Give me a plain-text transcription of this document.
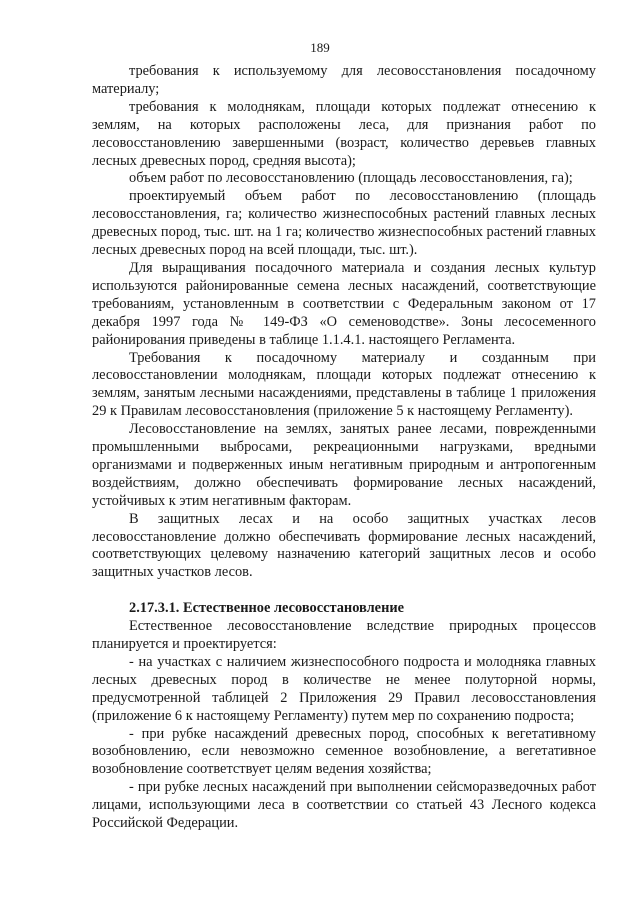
189

требования к используемому для лесовосстановления посадочному материалу;

требования к молоднякам, площади которых подлежат отнесению к землям, на которых расположены леса, для признания работ по лесовосстановлению завершенными (возраст, количество деревьев главных лесных древесных пород, средняя высота);

объем работ по лесовосстановлению (площадь лесовосстановления, га);

проектируемый объем работ по лесовосстановлению (площадь лесовосстановления, га; количество жизнеспособных растений главных лесных древесных пород, тыс. шт. на 1 га; количество жизнеспособных растений главных лесных древесных пород на всей площади, тыс. шт.).

Для выращивания посадочного материала и создания лесных культур используются районированные семена лесных насаждений, соответствующие требованиям, установленным в соответствии с Федеральным законом от 17 декабря 1997 года № 149-ФЗ «О семеноводстве». Зоны лесосеменного районирования приведены в таблице 1.1.4.1. настоящего Регламента.

Требования к посадочному материалу и созданным при лесовосстановлении молоднякам, площади которых подлежат отнесению к землям, занятым лесными насаждениями, представлены в таблице 1 приложения 29 к Правилам лесовосстановления (приложение 5 к настоящему Регламенту).

Лесовосстановление на землях, занятых ранее лесами, поврежденными промышленными выбросами, рекреационными нагрузками, вредными организмами и подверженных иным негативным природным и антропогенным воздействиям, должно обеспечивать формирование лесных насаждений, устойчивых к этим негативным факторам.

В защитных лесах и на особо защитных участках лесов лесовосстановление должно обеспечивать формирование лесных насаждений, соответствующих целевому назначению категорий защитных лесов и особо защитных участков лесов.

2.17.3.1. Естественное лесовосстановление

Естественное лесовосстановление вследствие природных процессов планируется и проектируется:

- на участках с наличием жизнеспособного подроста и молодняка главных лесных древесных пород в количестве не менее полуторной нормы, предусмотренной таблицей 2 Приложения 29 Правил лесовосстановления (приложение 6 к настоящему Регламенту) путем мер по сохранению подроста;

- при рубке насаждений древесных пород, способных к вегетативному возобновлению, если невозможно семенное возобновление, а вегетативное возобновление соответствует целям ведения хозяйства;

- при рубке лесных насаждений при выполнении сейсморазведочных работ лицами, использующими леса в соответствии со статьей 43 Лесного кодекса Российской Федерации.
